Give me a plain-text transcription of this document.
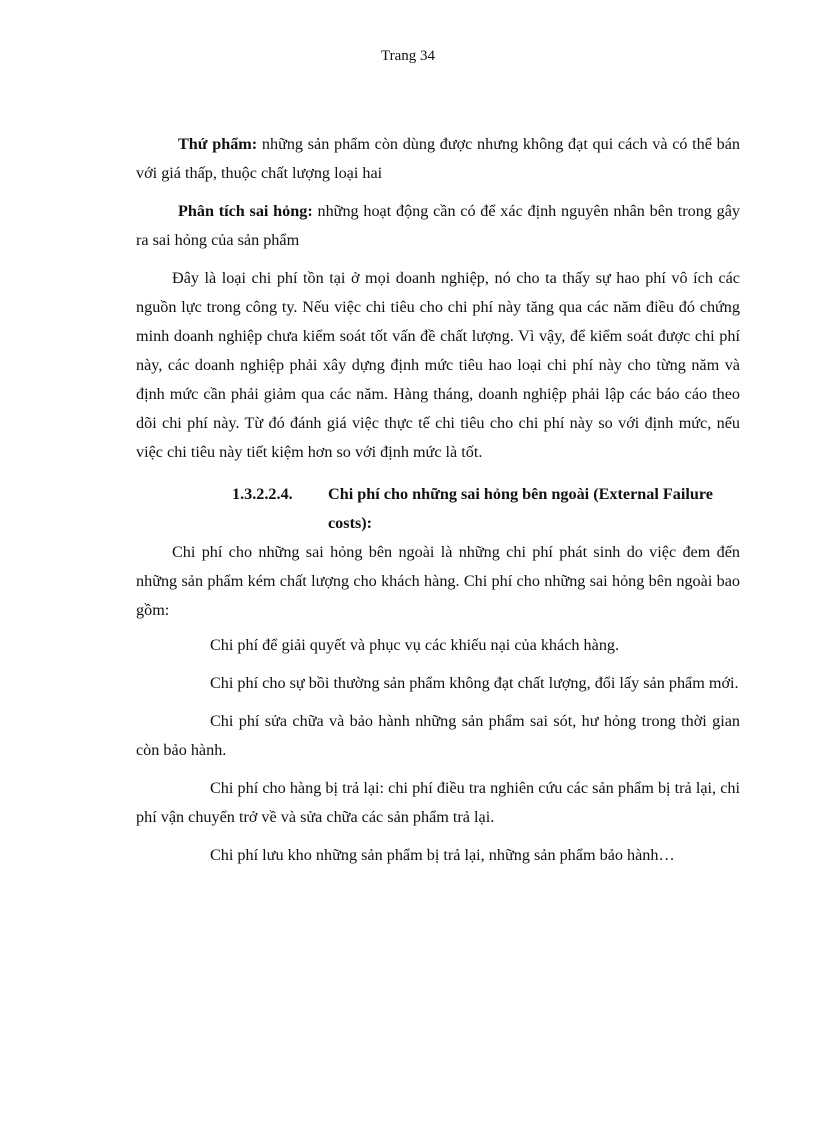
Trang 34

Thứ phẩm: những sản phẩm còn dùng được nhưng không đạt qui cách và có thể bán với giá thấp, thuộc chất lượng loại hai

Phân tích sai hỏng: những hoạt động cần có để xác định nguyên nhân bên trong gây ra sai hỏng của sản phẩm

Đây là loại chi phí tồn tại ở mọi doanh nghiệp, nó cho ta thấy sự hao phí vô ích các nguồn lực trong công ty. Nếu việc chi tiêu cho chi phí này tăng qua các năm điều đó chứng minh doanh nghiệp chưa kiểm soát tốt vấn đề chất lượng. Vì vậy, để kiểm soát được chi phí này, các doanh nghiệp phải xây dựng định mức tiêu hao loại chi phí này cho từng năm và định mức cần phải giảm qua các năm. Hàng tháng, doanh nghiệp phải lập các báo cáo theo dõi chi phí này. Từ đó đánh giá việc thực tế chi tiêu cho chi phí này so với định mức, nếu việc chi tiêu này tiết kiệm hơn so với định mức là tốt.

1.3.2.2.4. Chi phí cho những sai hỏng bên ngoài (External Failure costs):

Chi phí cho những sai hỏng bên ngoài là những chi phí phát sinh do việc đem đến những sản phẩm kém chất lượng cho khách hàng. Chi phí cho những sai hỏng bên ngoài bao gồm:

Chi phí để giải quyết và phục vụ các khiếu nại của khách hàng.

Chi phí cho sự bồi thường sản phẩm không đạt chất lượng, đổi lấy sản phẩm mới.

Chi phí sửa chữa và bảo hành những sản phẩm sai sót, hư hỏng trong thời gian còn bảo hành.

Chi phí cho hàng bị trả lại: chi phí điều tra nghiên cứu các sản phẩm bị trả lại, chi phí vận chuyển trở về và sửa chữa các sản phẩm trả lại.

Chi phí lưu kho những sản phẩm bị trả lại, những sản phẩm bảo hành…
